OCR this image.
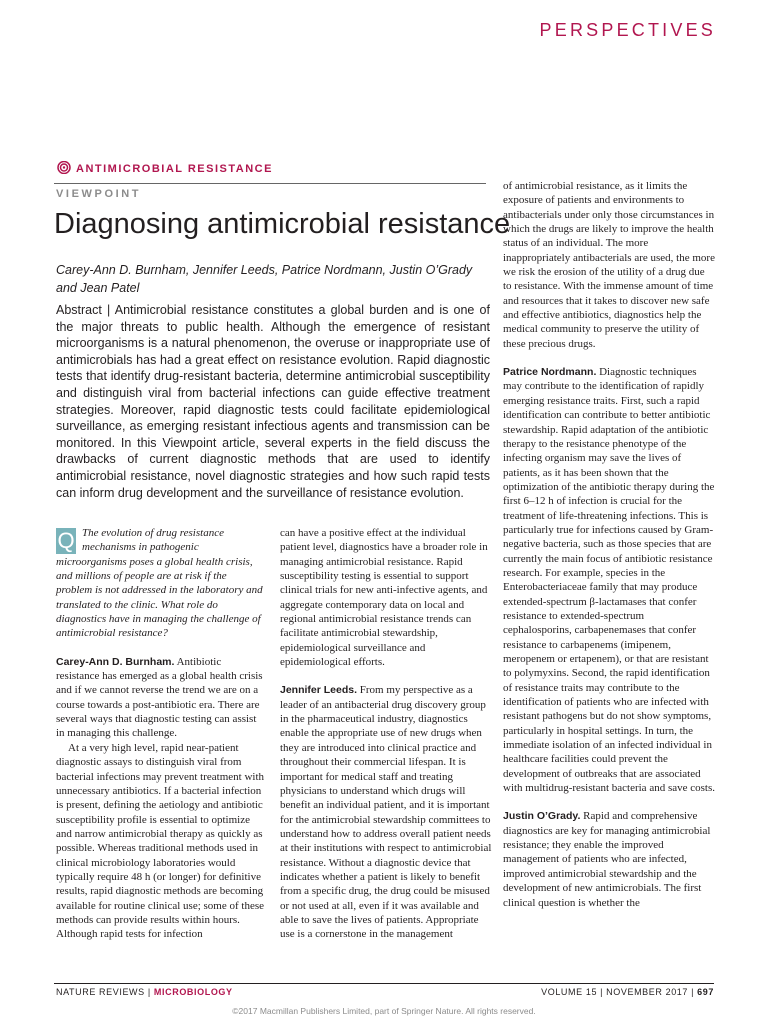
PERSPECTIVES
ANTIMICROBIAL RESISTANCE
VIEWPOINT
Diagnosing antimicrobial resistance
Carey-Ann D. Burnham, Jennifer Leeds, Patrice Nordmann, Justin O’Grady and Jean Patel

Abstract | Antimicrobial resistance constitutes a global burden and is one of the major threats to public health. Although the emergence of resistant microorganisms is a natural phenomenon, the overuse or inappropriate use of antimicrobials has had a great effect on resistance evolution. Rapid diagnostic tests that identify drug-resistant bacteria, determine antimicrobial susceptibility and distinguish viral from bacterial infections can guide effective treatment strategies. Moreover, rapid diagnostic tests could facilitate epidemiological surveillance, as emerging resistant infectious agents and transmission can be monitored. In this Viewpoint article, several experts in the field discuss the drawbacks of current diagnostic methods that are used to identify antimicrobial resistance, novel diagnostic strategies and how such rapid tests can inform drug development and the surveillance of resistance evolution.

Q The evolution of drug resistance mechanisms in pathogenic microorganisms poses a global health crisis, and millions of people are at risk if the problem is not addressed in the laboratory and translated to the clinic. What role do diagnostics have in managing the challenge of antimicrobial resistance?

Carey-Ann D. Burnham. Antibiotic resistance has emerged as a global health crisis and if we cannot reverse the trend we are on a course towards a post-antibiotic era. There are several ways that diagnostic testing can assist in managing this challenge.

At a very high level, rapid near-patient diagnostic assays to distinguish viral from bacterial infections may prevent treatment with unnecessary antibiotics. If a bacterial infection is present, defining the aetiology and antibiotic susceptibility profile is essential to optimize and narrow antimicrobial therapy as quickly as possible. Whereas traditional methods used in clinical microbiology laboratories would typically require 48 h (or longer) for definitive results, rapid diagnostic methods are becoming available for routine clinical use; some of these methods can provide results within hours. Although rapid tests for infection

can have a positive effect at the individual patient level, diagnostics have a broader role in managing antimicrobial resistance. Rapid susceptibility testing is essential to support clinical trials for new anti-infective agents, and aggregate contemporary data on local and regional antimicrobial resistance trends can facilitate antimicrobial stewardship, epidemiological surveillance and epidemiological efforts.

Jennifer Leeds. From my perspective as a leader of an antibacterial drug discovery group in the pharmaceutical industry, diagnostics enable the appropriate use of new drugs when they are introduced into clinical practice and throughout their commercial lifespan. It is important for medical staff and treating physicians to understand which drugs will benefit an individual patient, and it is important for the antimicrobial stewardship committees to understand how to address overall patient needs at their institutions with respect to antimicrobial resistance. Without a diagnostic device that indicates whether a patient is likely to benefit from a specific drug, the drug could be misused or not used at all, even if it was available and able to save the lives of patients. Appropriate use is a cornerstone in the management

of antimicrobial resistance, as it limits the exposure of patients and environments to antibacterials under only those circumstances in which the drugs are likely to improve the health status of an individual. The more inappropriately antibacterials are used, the more we risk the erosion of the utility of a drug due to resistance. With the immense amount of time and resources that it takes to discover new safe and effective antibiotics, diagnostics help the medical community to preserve the utility of these precious drugs.

Patrice Nordmann. Diagnostic techniques may contribute to the identification of rapidly emerging resistance traits. First, such a rapid identification can contribute to better antibiotic stewardship. Rapid adaptation of the antibiotic therapy to the resistance phenotype of the infecting organism may save the lives of patients, as it has been shown that the optimization of the antibiotic therapy during the first 6–12 h of infection is crucial for the treatment of life-threatening infections. This is particularly true for infections caused by Gram-negative bacteria, such as those species that are currently the main focus of antibiotic resistance research. For example, species in the Enterobacteriaceae family that may produce extended-spectrum β-lactamases that confer resistance to extended-spectrum cephalosporins, carbapenemases that confer resistance to carbapenems (imipenem, meropenem or ertapenem), or that are resistant to polymyxins. Second, the rapid identification of resistance traits may contribute to the identification of patients who are infected with resistant pathogens but do not show symptoms, particularly in hospital settings. In turn, the immediate isolation of an infected individual in healthcare facilities could prevent the development of outbreaks that are associated with multidrug-resistant bacteria and save costs.

Justin O’Grady. Rapid and comprehensive diagnostics are key for managing antimicrobial resistance; they enable the improved management of patients who are infected, improved antimicrobial stewardship and the development of new antimicrobials. The first clinical question is whether the

NATURE REVIEWS | MICROBIOLOGY	VOLUME 15 | NOVEMBER 2017 | 697
©2017 Macmillan Publishers Limited, part of Springer Nature. All rights reserved.
